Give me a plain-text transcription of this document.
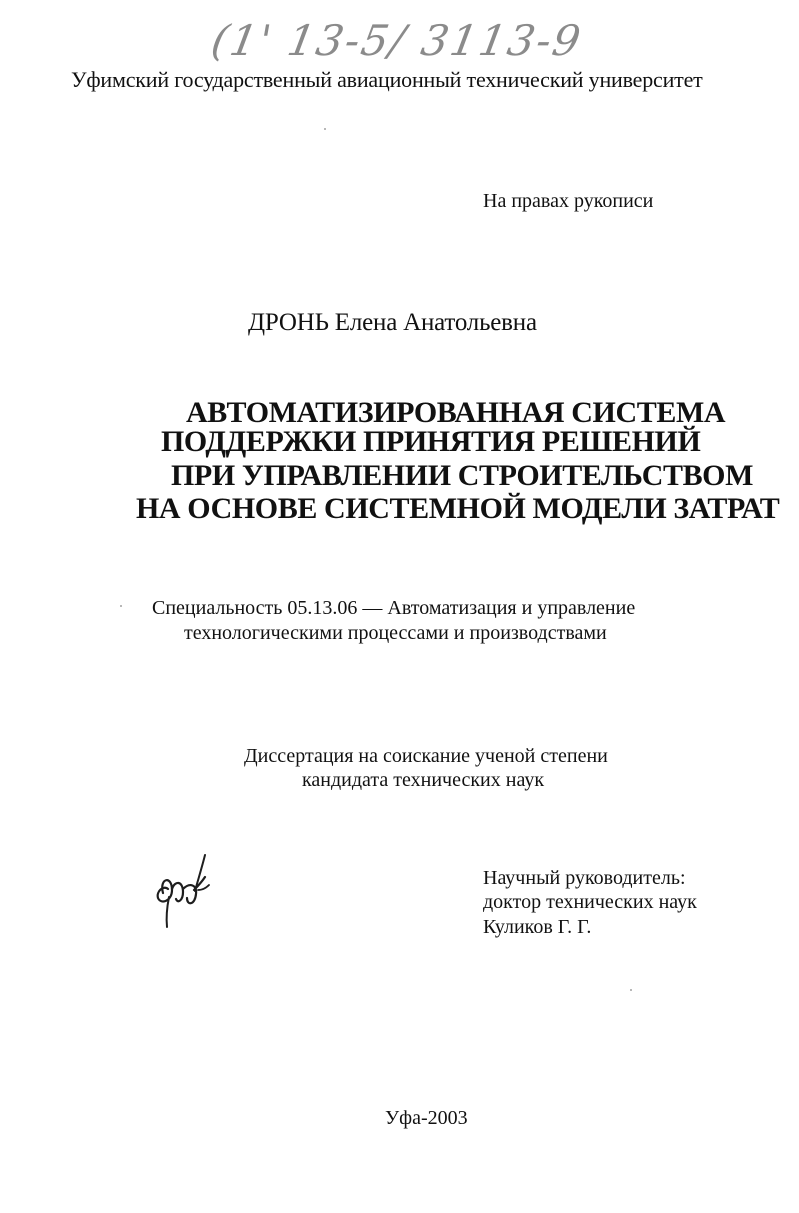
(1' 13-5/ 3113-9
Уфимский государственный авиационный технический университет
На правах рукописи
ДРОНЬ Елена Анатольевна
АВТОМАТИЗИРОВАННАЯ СИСТЕМА
ПОДДЕРЖКИ ПРИНЯТИЯ РЕШЕНИЙ
ПРИ УПРАВЛЕНИИ СТРОИТЕЛЬСТВОМ
НА ОСНОВЕ СИСТЕМНОЙ МОДЕЛИ ЗАТРАТ
Специальность 05.13.06 — Автоматизация и управление
технологическими процессами и производствами
Диссертация на соискание ученой степени
кандидата технических наук
Научный руководитель:
доктор технических наук
Куликов Г. Г.
Уфа-2003
